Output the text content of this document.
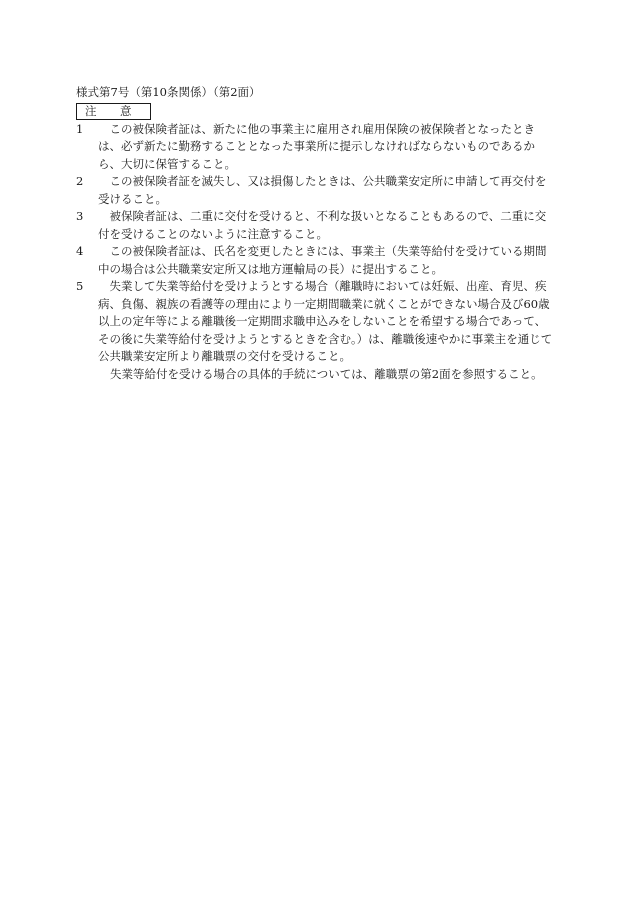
様式第7号（第10条関係）（第2面）
注　意
1　この被保険者証は、新たに他の事業主に雇用され雇用保険の被保険者となったときは、必ず新たに勤務することとなった事業所に提示しなければならないものであるから、大切に保管すること。
2　この被保険者証を滅失し、又は損傷したときは、公共職業安定所に申請して再交付を受けること。
3　被保険者証は、二重に交付を受けると、不利な扱いとなることもあるので、二重に交付を受けることのないように注意すること。
4　この被保険者証は、氏名を変更したときには、事業主（失業等給付を受けている期間中の場合は公共職業安定所又は地方運輸局の長）に提出すること。
5　失業して失業等給付を受けようとする場合（離職時においては妊娠、出産、育児、疾病、負傷、親族の看護等の理由により一定期間職業に就くことができない場合及び60歳以上の定年等による離職後一定期間求職申込みをしないことを希望する場合であって、その後に失業等給付を受けようとするときを含む。）は、離職後速やかに事業主を通じて公共職業安定所より離職票の交付を受けること。
失業等給付を受ける場合の具体的手続については、離職票の第2面を参照すること。
